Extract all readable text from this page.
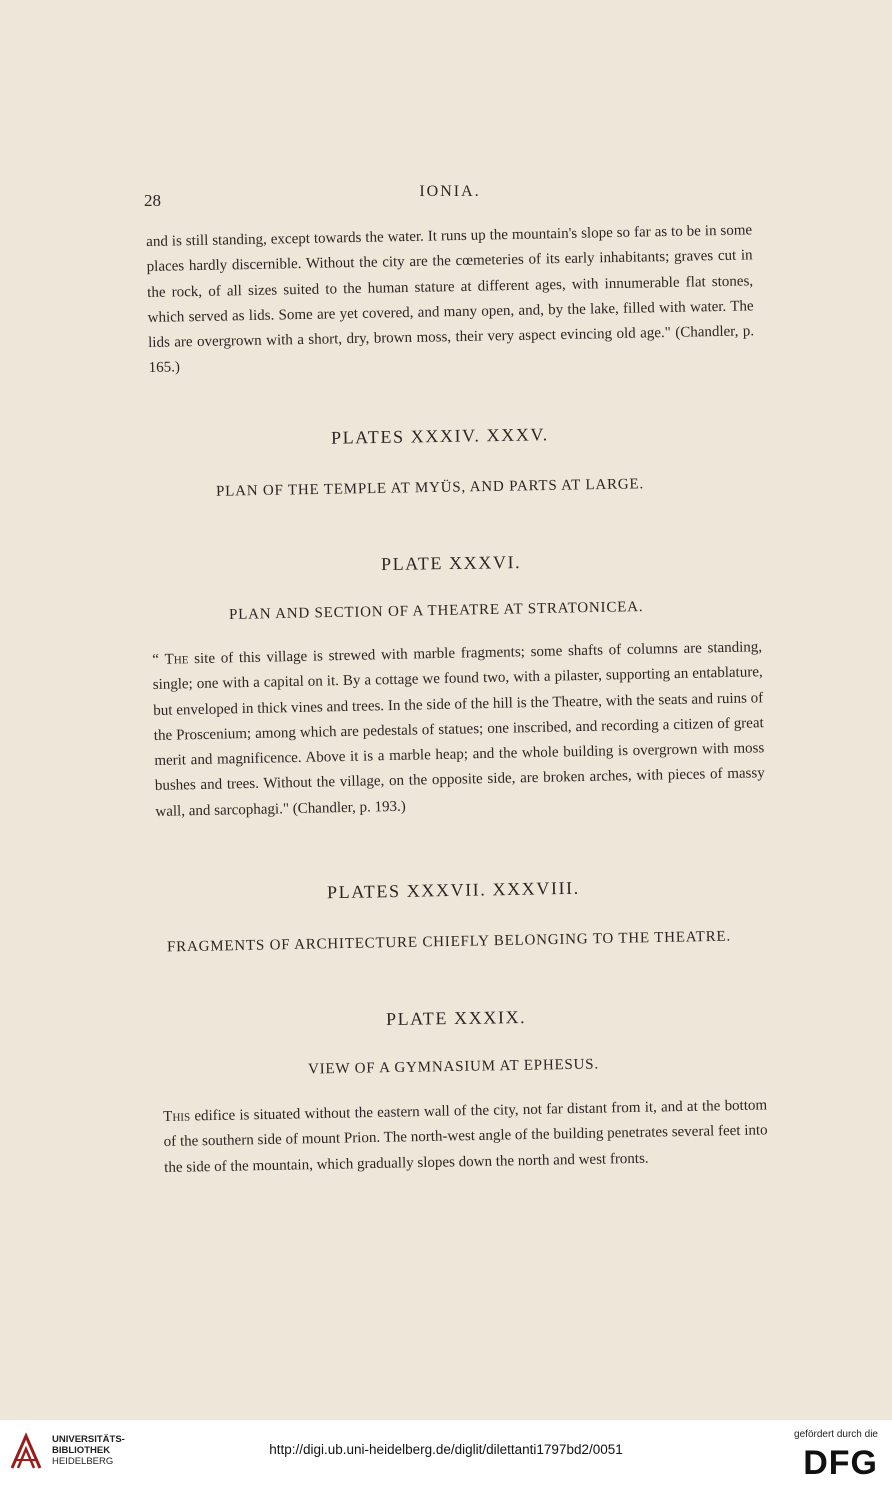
28	IONIA.

and is still standing, except towards the water. It runs up the mountain's slope so far as to be in some places hardly discernible. Without the city are the cœmeteries of its early inhabitants; graves cut in the rock, of all sizes suited to the human stature at different ages, with innumerable flat stones, which served as lids. Some are yet covered, and many open, and, by the lake, filled with water. The lids are overgrown with a short, dry, brown moss, their very aspect evincing old age." (Chandler, p. 165.)

PLATES XXXIV. XXXV.
PLAN OF THE TEMPLE AT MYÜS, AND PARTS AT LARGE.
PLATE XXXVI.
PLAN AND SECTION OF A THEATRE AT STRATONICEA.

“ The site of this village is strewed with marble fragments; some shafts of columns are standing, single; one with a capital on it. By a cottage we found two, with a pilaster, supporting an entablature, but enveloped in thick vines and trees. In the side of the hill is the Theatre, with the seats and ruins of the Proscenium; among which are pedestals of statues; one inscribed, and recording a citizen of great merit and magnificence. Above it is a marble heap; and the whole building is overgrown with moss bushes and trees. Without the village, on the opposite side, are broken arches, with pieces of massy wall, and sarcophagi." (Chandler, p. 193.)

PLATES XXXVII. XXXVIII.
FRAGMENTS OF ARCHITECTURE CHIEFLY BELONGING TO THE THEATRE.
PLATE XXXIX.
VIEW OF A GYMNASIUM AT EPHESUS.

This edifice is situated without the eastern wall of the city, not far distant from it, and at the bottom of the southern side of mount Prion. The north-west angle of the building penetrates several feet into the side of the mountain, which gradually slopes down the north and west fronts.

UNIVERSITÄTS-
BIBLIOTHEK
HEIDELBERG
http://digi.ub.uni-heidelberg.de/diglit/dilettanti1797bd2/0051
gefördert durch die
DFG
